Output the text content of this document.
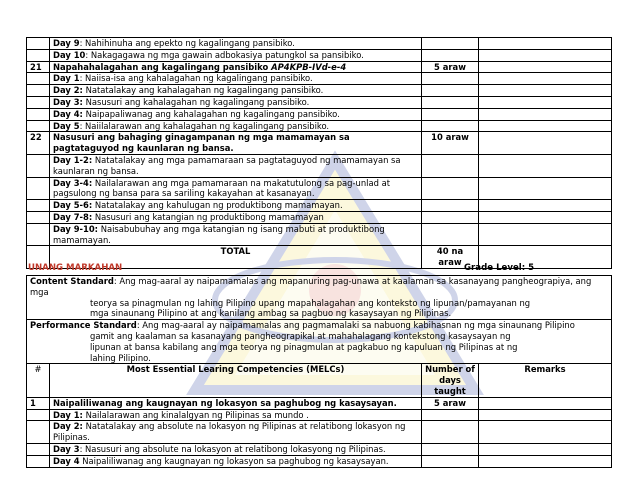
	Day 9: Nahihinuha ang epekto ng kagalingang pansibiko.		
	Day 10: Nakagagawa ng mga gawain adbokasiya patungkol sa pansibiko.		
21	Napahahalagahan ang kagalingang pansibiko AP4KPB-IVd-e-4	5 araw	
	Day 1: Naiisa-isa ang kahalagahan ng kagalingang pansibiko.		
	Day 2: Natatalakay ang kahalagahan ng kagalingang pansibiko.		
	Day 3: Nasusuri ang kahalagahan ng kagalingang pansibiko.		
	Day 4: Naipapaliwanag ang kahalagahan ng kagalingang pansibiko.		
	Day 5: Naiilalarawan ang kahalagahan ng kagalingang pansibiko.		
22	Nasusuri ang bahaging ginagampanan ng mga mamamayan sa pagtataguyod ng kaunlaran ng bansa.	10 araw	
	Day 1-2: Natatalakay ang mga pamamaraan sa pagtataguyod ng mamamayan sa kaunlaran ng bansa.		
	Day 3-4: Nailalarawan ang mga pamamaraan na makatutulong sa pag-unlad at pagsulong ng bansa para sa sariling kakayahan at kasanayan.		
	Day 5-6: Natatalakay ang kahulugan ng produktibong mamamayan.		
	Day 7-8: Nasusuri ang katangian ng produktibong mamamayan		
	Day 9-10: Naisabubuhay ang mga katangian ng isang mabuti at produktibong mamamayan.		
	TOTAL	40 na araw	
UNANG MARKAHAN	Grade Level: 5
Content Standard: Ang mag-aaral ay naipamamalas ang mapanuring pag-unawa at kaalaman sa kasanayang pangheograpiya, ang mga
teorya sa pinagmulan ng lahing Pilipino upang mapahalagahan ang konteksto ng lipunan/pamayanan ng
mga sinaunang Pilipino at ang kanilang ambag sa pagbuo ng kasaysayan ng Pilipinas.			

Performance Standard: Ang mag-aaral ay naipamamalas ang pagmamalaki sa nabuong kabihasnan ng mga sinaunang Pilipino
gamit ang kaalaman sa kasanayang pangheograpikal at mahahalagang kontekstong kasaysayan ng
lipunan at bansa kabilang ang mga teorya ng pinagmulan at pagkabuo ng kapuluan ng Pilipinas at ng
lahing Pilipino.			

#	Most Essential Learing Competencies (MELCs)	Number of days taught	Remarks
1	Naipaliliwanag ang kaugnayan ng lokasyon sa paghubog ng kasaysayan.	5 araw	
	Day 1: Nailalarawan ang kinalalgyan ng Pilipinas sa mundo .		
	Day 2: Natatalakay ang absolute na lokasyon ng Pilipinas at relatibong lokasyon ng Pilipinas.		
	Day 3: Nasusuri ang absolute na lokasyon at relatibong lokasyong ng Pilipinas.		
	Day 4 Naipaliliwanag ang kaugnayan ng lokasyon sa paghubog ng kasaysayan.		
